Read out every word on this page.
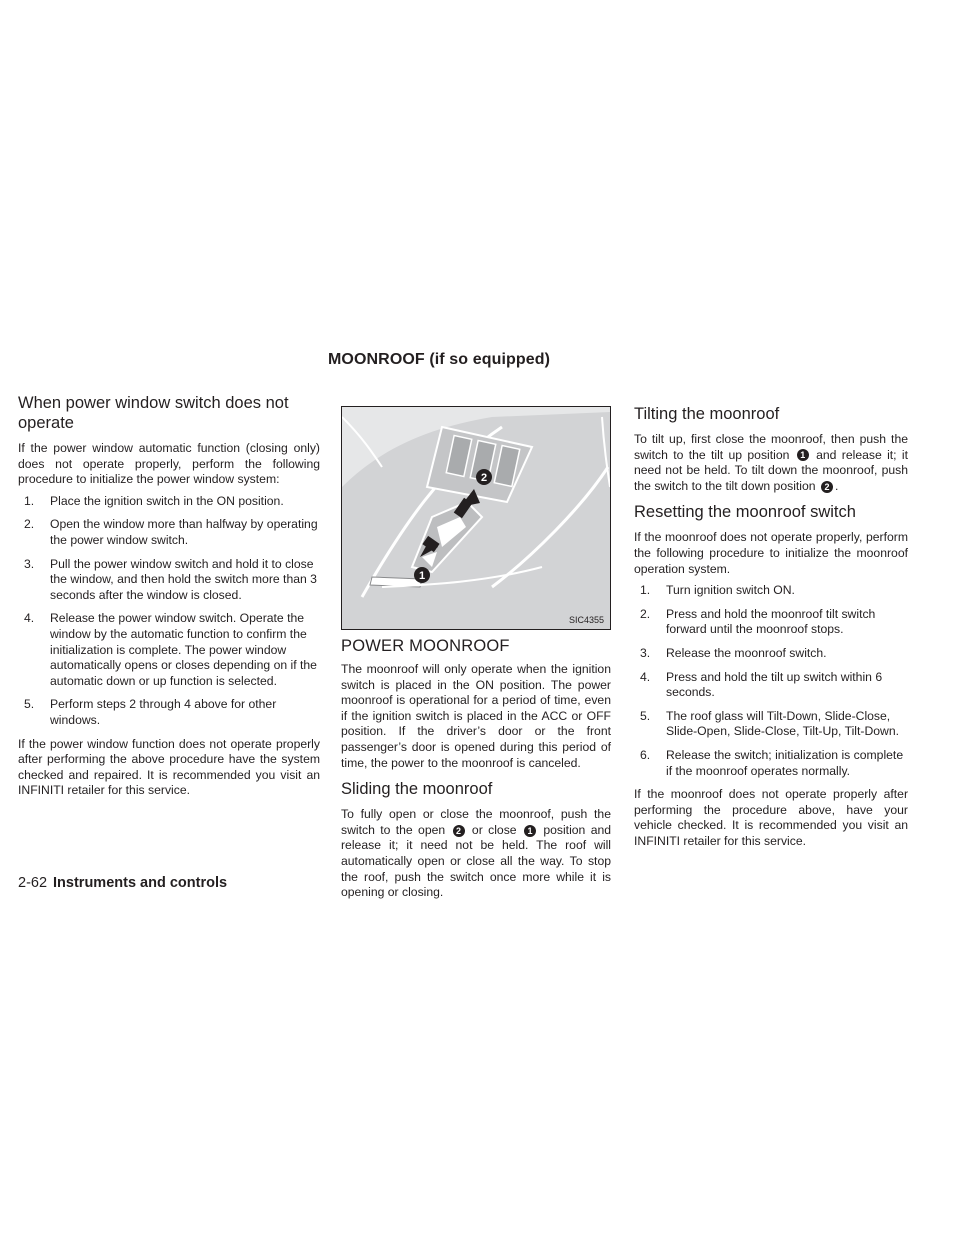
MOONROOF (if so equipped)
When power window switch does not operate

If the power window automatic function (closing only) does not operate properly, perform the following procedure to initialize the power window system:

1. Place the ignition switch in the ON position.
2. Open the window more than halfway by operating the power window switch.
3. Pull the power window switch and hold it to close the window, and then hold the switch more than 3 seconds after the window is closed.
4. Release the power window switch. Operate the window by the automatic function to confirm the initialization is complete. The power window automatically opens or closes depending on if the automatic down or up function is selected.
5. Perform steps 2 through 4 above for other windows.

If the power window function does not operate properly after performing the above procedure have the system checked and repaired. It is recommended you visit an INFINITI retailer for this service.

2
1
SIC4355
POWER MOONROOF

The moonroof will only operate when the ignition switch is placed in the ON position. The power moonroof is operational for a period of time, even if the ignition switch is placed in the ACC or OFF position. If the driver’s door or the front passenger’s door is opened during this period of time, the power to the moonroof is canceled.

Sliding the moonroof

To fully open or close the moonroof, push the switch to the open 2 or close 1 position and release it; it need not be held. The roof will automatically open or close all the way. To stop the roof, push the switch once more while it is opening or closing.

Tilting the moonroof

To tilt up, first close the moonroof, then push the switch to the tilt up position 1 and release it; it need not be held. To tilt down the moonroof, push the switch to the tilt down position 2 .

Resetting the moonroof switch

If the moonroof does not operate properly, perform the following procedure to initialize the moonroof operation system.

1. Turn ignition switch ON.
2. Press and hold the moonroof tilt switch forward until the moonroof stops.
3. Release the moonroof switch.
4. Press and hold the tilt up switch within 6 seconds.
5. The roof glass will Tilt-Down, Slide-Close, Slide-Open, Slide-Close, Tilt-Up, Tilt-Down.
6. Release the switch; initialization is complete if the moonroof operates normally.

If the moonroof does not operate properly after performing the procedure above, have your vehicle checked. It is recommended you visit an INFINITI retailer for this service.

2-62 Instruments and controls
